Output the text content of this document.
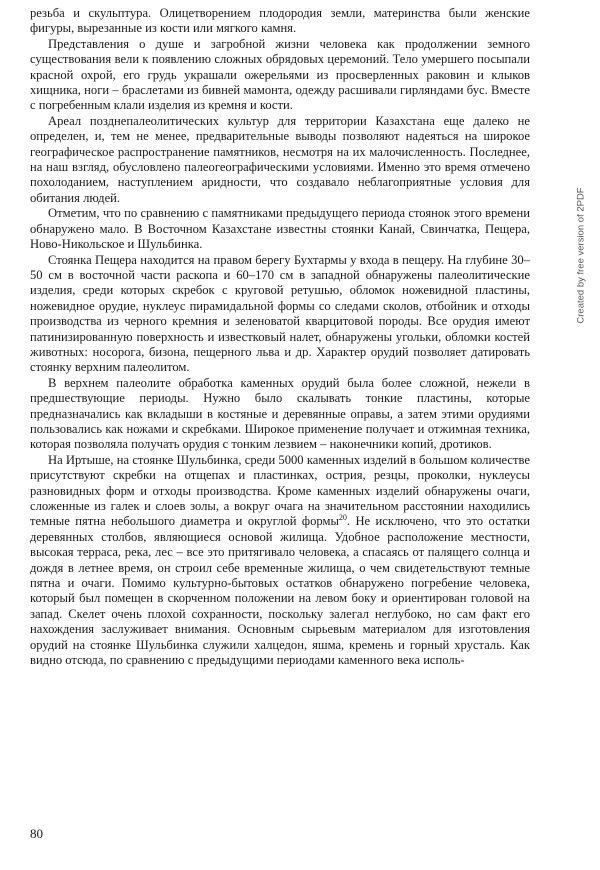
резьба и скульптура. Олицетворением плодородия земли, материнства были женские фигуры, вырезанные из кости или мягкого камня.

Представления о душе и загробной жизни человека как продолжении земного существования вели к появлению сложных обрядовых церемоний. Тело умершего посыпали красной охрой, его грудь украшали ожерельями из просверленных раковин и клыков хищника, ноги – браслетами из бивней мамонта, одежду расшивали гирляндами бус. Вместе с погребенным клали изделия из кремня и кости.

Ареал позднепалеолитических культур для территории Казахстана еще далеко не определен, и, тем не менее, предварительные выводы позволяют надеяться на широкое географическое распространение памятников, несмотря на их малочисленность. Последнее, на наш взгляд, обусловлено палеогеографическими условиями. Именно это время отмечено похолоданием, наступлением аридности, что создавало неблагоприятные условия для обитания людей.

Отметим, что по сравнению с памятниками предыдущего периода стоянок этого времени обнаружено мало. В Восточном Казахстане известны стоянки Канай, Свинчатка, Пещера, Ново-Никольское и Шульбинка.

Стоянка Пещера находится на правом берегу Бухтармы у входа в пещеру. На глубине 30–50 см в восточной части раскопа и 60–170 см в западной обнаружены палеолитические изделия, среди которых скребок с круговой ретушью, обломок ножевидной пластины, ножевидное орудие, нуклеус пирамидальной формы со следами сколов, отбойник и отходы производства из черного кремния и зеленоватой кварцитовой породы. Все орудия имеют патинизированную поверхность и известковый налет, обнаружены угольки, обломки костей животных: носорога, бизона, пещерного льва и др. Характер орудий позволяет датировать стоянку верхним палеолитом.

В верхнем палеолите обработка каменных орудий была более сложной, нежели в предшествующие периоды. Нужно было скалывать тонкие пластины, которые предназначались как вкладыши в костяные и деревянные оправы, а затем этими орудиями пользовались как ножами и скребками. Широкое применение получает и отжимная техника, которая позволяла получать орудия с тонким лезвием – наконечники копий, дротиков.

На Иртыше, на стоянке Шульбинка, среди 5000 каменных изделий в большом количестве присутствуют скребки на отщепах и пластинках, острия, резцы, проколки, нуклеусы разновидных форм и отходы производства. Кроме каменных изделий обнаружены очаги, сложенные из галек и слоев золы, а вокруг очага на значительном расстоянии находились темные пятна небольшого диаметра и округлой формы$^{20}$. Не исключено, что это остатки деревянных столбов, являющиеся основой жилища. Удобное расположение местности, высокая терраса, река, лес – все это притягивало человека, а спасаясь от палящего солнца и дождя в летнее время, он строил себе временные жилища, о чем свидетельствуют темные пятна и очаги. Помимо культурно-бытовых остатков обнаружено погребение человека, который был помещен в скорченном положении на левом боку и ориентирован головой на запад. Скелет очень плохой сохранности, поскольку залегал неглубоко, но сам факт его нахождения заслуживает внимания. Основным сырьевым материалом для изготовления орудий на стоянке Шульбинка служили халцедон, яшма, кремень и горный хрусталь. Как видно отсюда, по сравнению с предыдущими периодами каменного века исполь-

Created by free version of 2PDF
80
